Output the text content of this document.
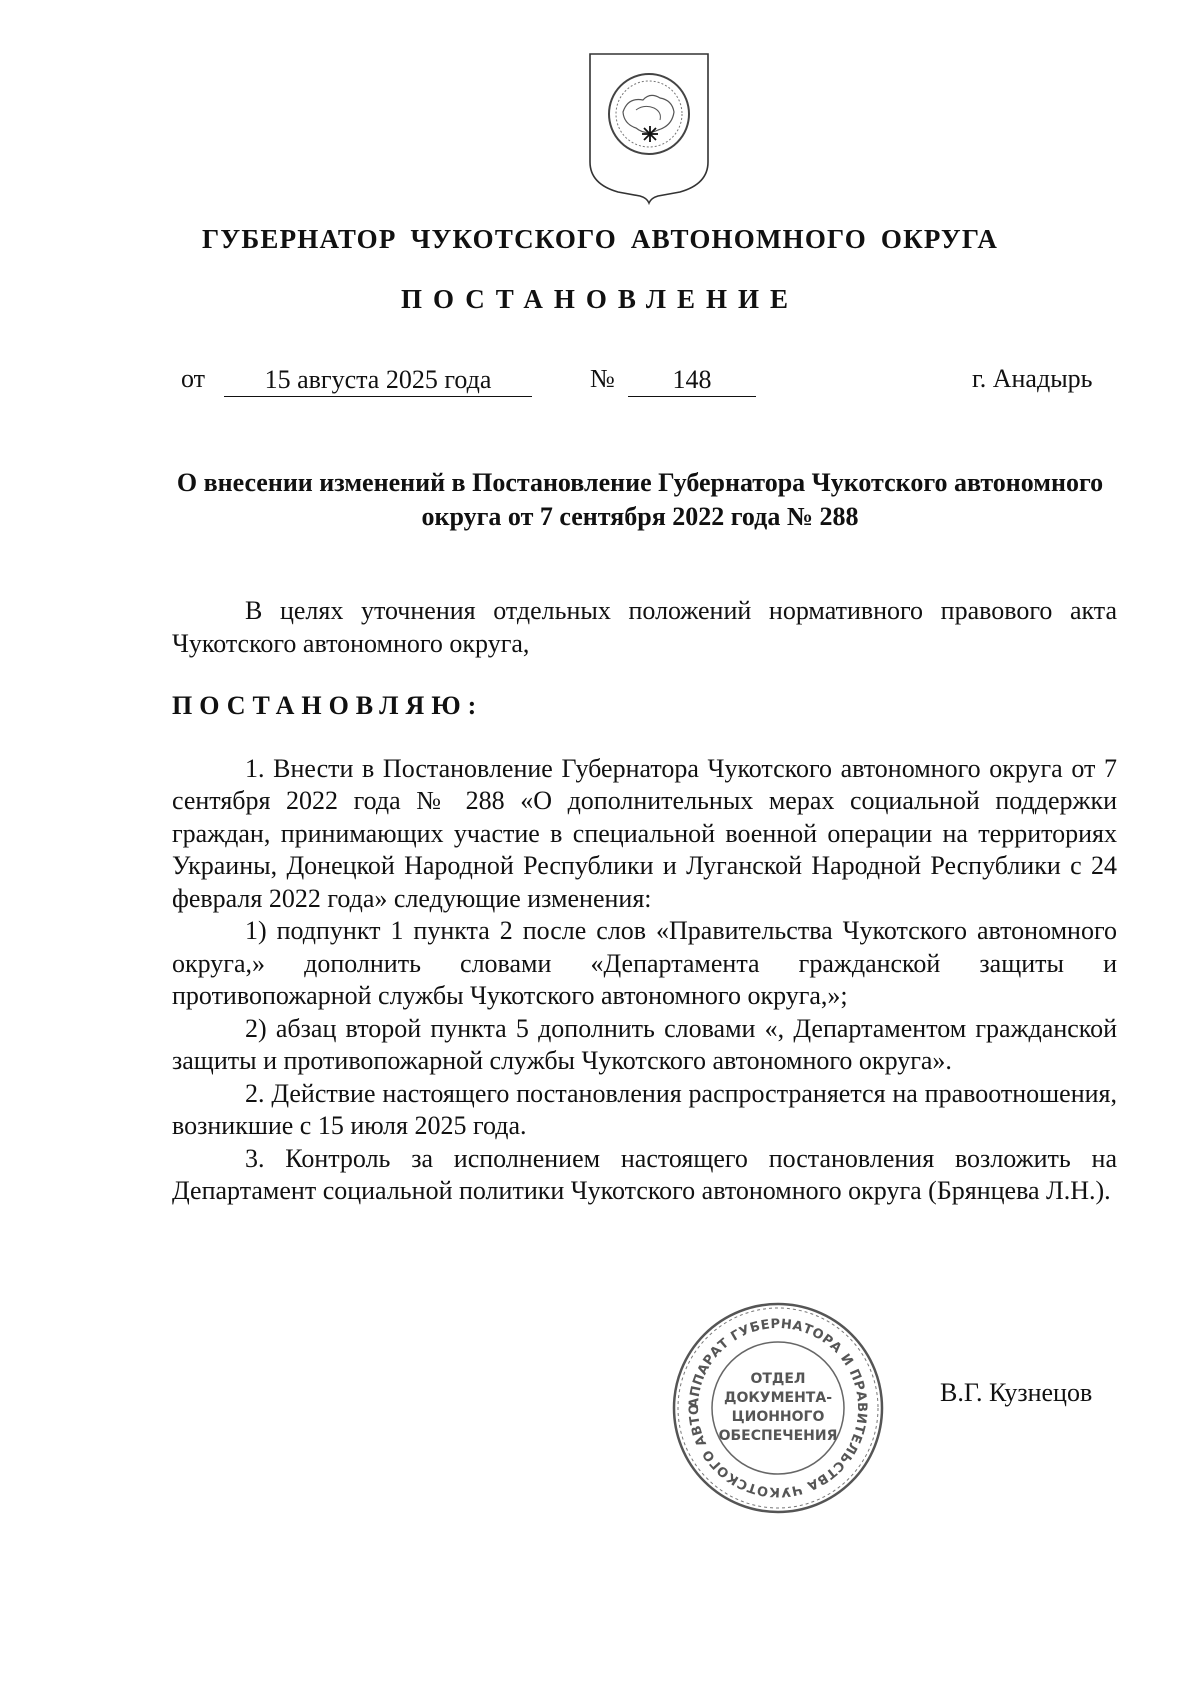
ГУБЕРНАТОР ЧУКОТСКОГО АВТОНОМНОГО ОКРУГА
ПОСТАНОВЛЕНИЕ
от	15 августа 2025 года	№	148	г. Анадырь
О внесении изменений в Постановление Губернатора Чукотского автономного округа от 7 сентября 2022 года № 288

В целях уточнения отдельных положений нормативного правового акта Чукотского автономного округа,

ПОСТАНОВЛЯЮ:

1. Внести в Постановление Губернатора Чукотского автономного округа от 7 сентября 2022 года № 288 «О дополнительных мерах социальной поддержки граждан, принимающих участие в специальной военной операции на территориях Украины, Донецкой Народной Республики и Луганской Народной Республики с 24 февраля 2022 года» следующие изменения:

1) подпункт 1 пункта 2 после слов «Правительства Чукотского автономного округа,» дополнить словами «Департамента гражданской защиты и противопожарной службы Чукотского автономного округа,»;

2) абзац второй пункта 5 дополнить словами «, Департаментом гражданской защиты и противопожарной службы Чукотского автономного округа».

2. Действие настоящего постановления распространяется на правоотношения, возникшие с 15 июля 2025 года.

3. Контроль за исполнением настоящего постановления возложить на Департамент социальной политики Чукотского автономного округа (Брянцева Л.Н.).

АППАРАТ ГУБЕРНАТОРА И ПРАВИТЕЛЬСТВА ЧУКОТСКОГО АВТО
ОТДЕЛ
ДОКУМЕНТА-
ЦИОННОГО
ОБЕСПЕЧЕНИЯ
В.Г. Кузнецов
